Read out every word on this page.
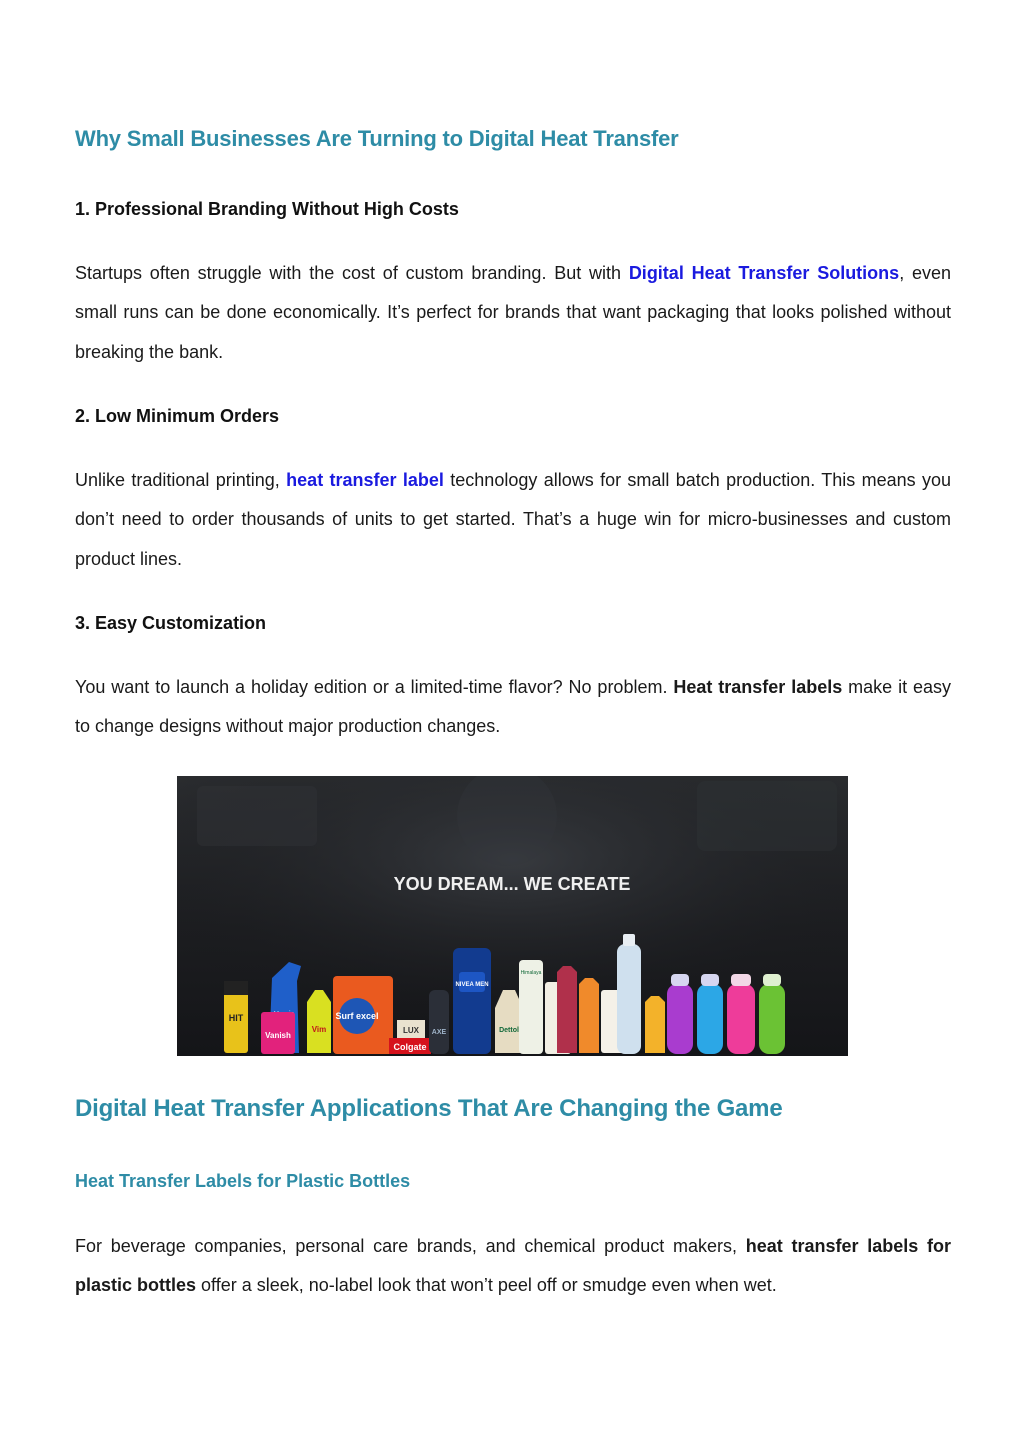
Why Small Businesses Are Turning to Digital Heat Transfer
1. Professional Branding Without High Costs

Startups often struggle with the cost of custom branding. But with Digital Heat Transfer Solutions, even small runs can be done economically. It’s perfect for brands that want packaging that looks polished without breaking the bank.

2. Low Minimum Orders

Unlike traditional printing, heat transfer label technology allows for small batch production. This means you don’t need to order thousands of units to get started. That’s a huge win for micro-businesses and custom product lines.

3. Easy Customization

You want to launch a holiday edition or a limited-time flavor? No problem. Heat transfer labels make it easy to change designs without major production changes.

YOU DREAM... WE CREATE
HIT
Vanish
Vim
Surf excel
Colgate
LUX AXE
NIVEA MEN
Dettol
Himalaya
Digital Heat Transfer Applications That Are Changing the Game
Heat Transfer Labels for Plastic Bottles

For beverage companies, personal care brands, and chemical product makers, heat transfer labels for plastic bottles offer a sleek, no-label look that won’t peel off or smudge even when wet.
